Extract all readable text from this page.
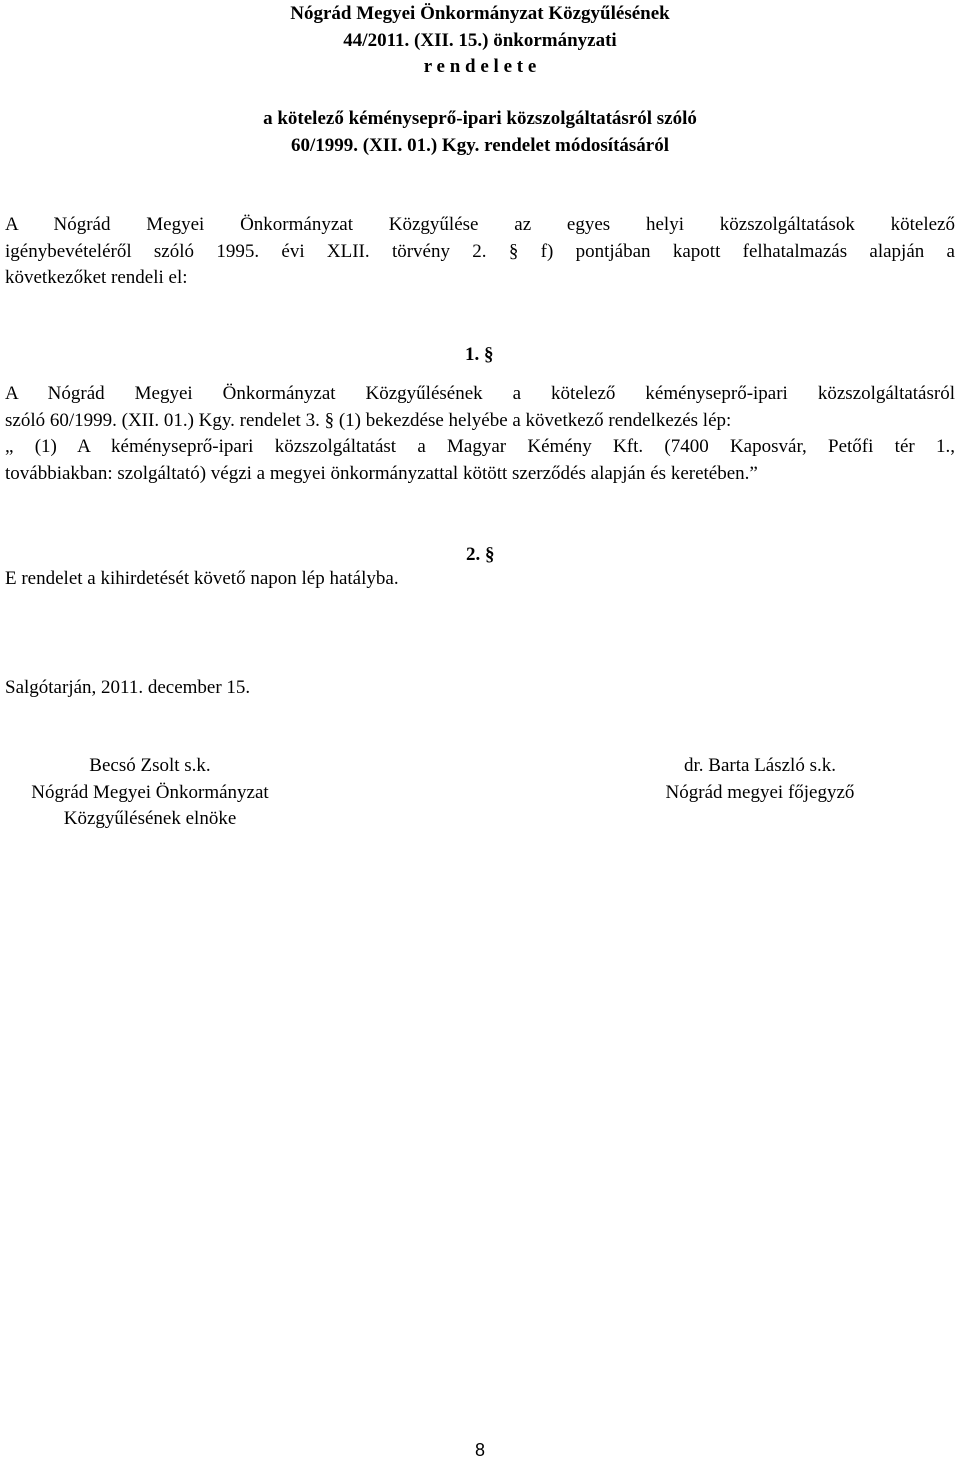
Nógrád Megyei Önkormányzat Közgyűlésének

44/2011. (XII. 15.) önkormányzati

r e n d e l e t e

a kötelező kéményseprő-ipari közszolgáltatásról szóló

60/1999. (XII. 01.) Kgy. rendelet módosításáról

A Nógrád Megyei Önkormányzat Közgyűlése az egyes helyi közszolgáltatások kötelező
igénybevételéről szóló 1995. évi XLII. törvény 2. § f) pontjában kapott felhatalmazás alapján a
következőket rendeli el:

1. §

A Nógrád Megyei Önkormányzat Közgyűlésének a kötelező kéményseprő-ipari közszolgáltatásról
szóló 60/1999. (XII. 01.) Kgy. rendelet 3. § (1) bekezdése helyébe a következő rendelkezés lép:
„ (1) A kéményseprő-ipari közszolgáltatást a Magyar Kémény Kft. (7400 Kaposvár, Petőfi tér 1.,
továbbiakban: szolgáltató) végzi a megyei önkormányzattal kötött szerződés alapján és keretében.”

2. §

E rendelet a kihirdetését követő napon lép hatályba.

Salgótarján, 2011. december 15.

Becsó Zsolt s.k.
Nógrád Megyei Önkormányzat
Közgyűlésének elnöke
dr. Barta László s.k.
Nógrád megyei főjegyző

8
